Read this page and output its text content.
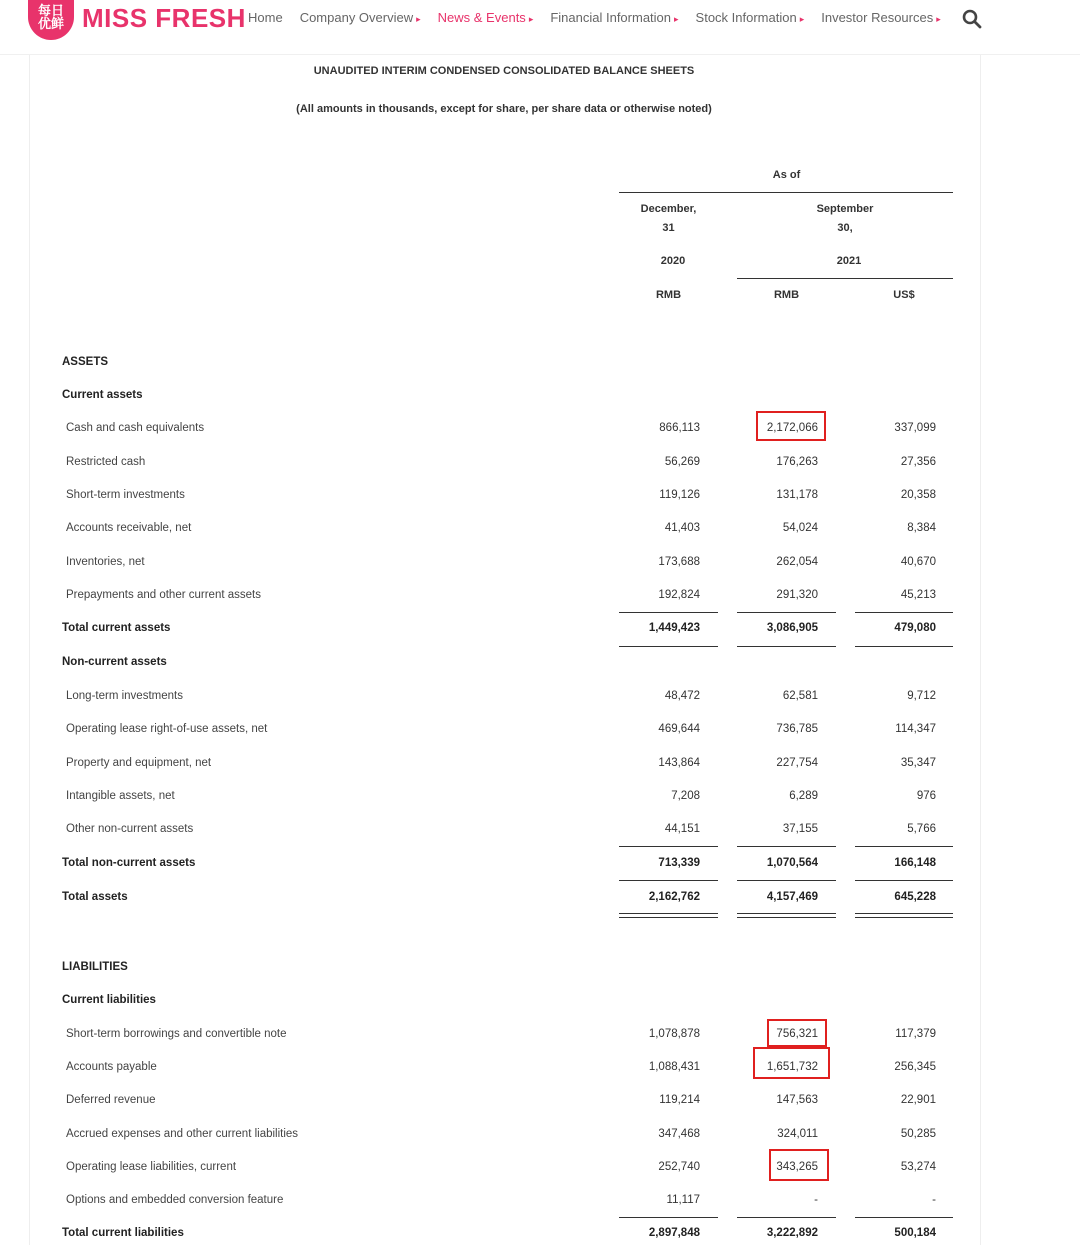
每日
优鲜 MISS FRESH Home Company Overview ▸ News & Events ▸ Financial Information ▸ Stock Information ▸ Investor Resources ▸
UNAUDITED INTERIM CONDENSED CONSOLIDATED BALANCE SHEETS
(All amounts in thousands, except for share, per share data or otherwise noted)
As of
December,
31
2020
September
30,
2021
RMB	RMB	US$
ASSETS
Current assets
Cash and cash equivalents	866,113	2,172,066	337,099
Restricted cash	56,269	176,263	27,356
Short-term investments	119,126	131,178	20,358
Accounts receivable, net	41,403	54,024	8,384
Inventories, net	173,688	262,054	40,670
Prepayments and other current assets	192,824	291,320	45,213
Total current assets	1,449,423	3,086,905	479,080
Non-current assets
Long-term investments	48,472	62,581	9,712
Operating lease right-of-use assets, net	469,644	736,785	114,347
Property and equipment, net	143,864	227,754	35,347
Intangible assets, net	7,208	6,289	976
Other non-current assets	44,151	37,155	5,766
Total non-current assets	713,339	1,070,564	166,148
Total assets	2,162,762	4,157,469	645,228
LIABILITIES
Current liabilities
Short-term borrowings and convertible note	1,078,878	756,321	117,379
Accounts payable	1,088,431	1,651,732	256,345
Deferred revenue	119,214	147,563	22,901
Accrued expenses and other current liabilities	347,468	324,011	50,285
Operating lease liabilities, current	252,740	343,265	53,274
Options and embedded conversion feature	11,117	-	-
Total current liabilities	2,897,848	3,222,892	500,184
